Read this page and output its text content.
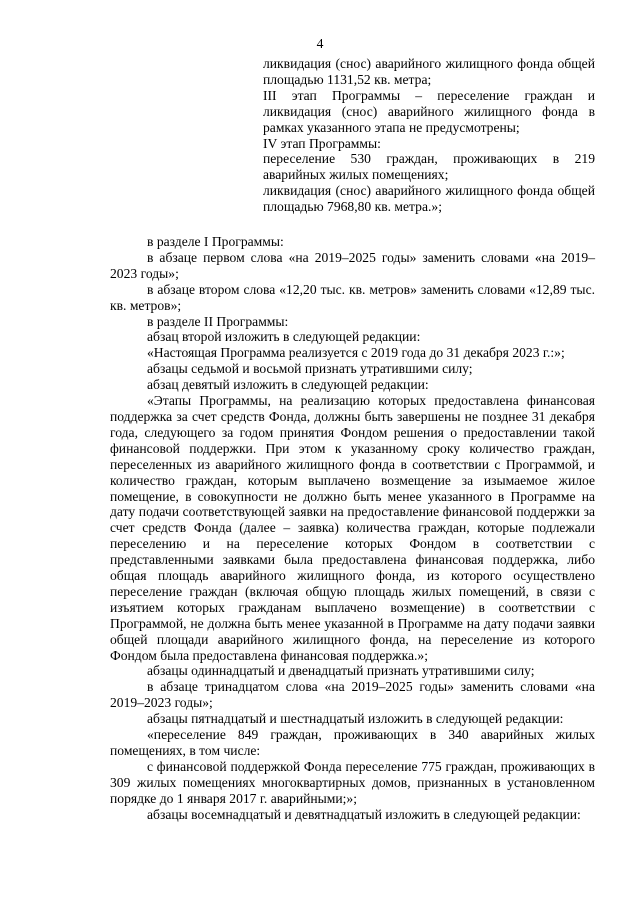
4

ликвидация (снос) аварийного жилищного фонда общей площадью 1131,52 кв. метра;

III этап Программы – переселение граждан и ликвидация (снос) аварийного жилищного фонда в рамках указанного этапа не предусмотрены;

IV этап Программы:

переселение 530 граждан, проживающих в 219 аварийных жилых помещениях;

ликвидация (снос) аварийного жилищного фонда общей площадью 7968,80 кв. метра.»;

в разделе I Программы:

в абзаце первом слова «на 2019–2025 годы» заменить словами «на 2019–2023 годы»;

в абзаце втором слова «12,20 тыс. кв. метров» заменить словами «12,89 тыс. кв. метров»;

в разделе II Программы:

абзац второй изложить в следующей редакции:

«Настоящая Программа реализуется с 2019 года до 31 декабря 2023 г.:»;

абзацы седьмой и восьмой признать утратившими силу;

абзац девятый изложить в следующей редакции:

«Этапы Программы, на реализацию которых предоставлена финансовая поддержка за счет средств Фонда, должны быть завершены не позднее 31 декабря года, следующего за годом принятия Фондом решения о предоставлении такой финансовой поддержки. При этом к указанному сроку количество граждан, переселенных из аварийного жилищного фонда в соответствии с Программой, и количество граждан, которым выплачено возмещение за изымаемое жилое помещение, в совокупности не должно быть менее указанного в Программе на дату подачи соответствующей заявки на предоставление финансовой поддержки за счет средств Фонда (далее – заявка) количества граждан, которые подлежали переселению и на переселение которых Фондом в соответствии с представленными заявками была предоставлена финансовая поддержка, либо общая площадь аварийного жилищного фонда, из которого осуществлено переселение граждан (включая общую площадь жилых помещений, в связи с изъятием которых гражданам выплачено возмещение) в соответствии с Программой, не должна быть менее указанной в Программе на дату подачи заявки общей площади аварийного жилищного фонда, на переселение из которого Фондом была предоставлена финансовая поддержка.»;

абзацы одиннадцатый и двенадцатый признать утратившими силу;

в абзаце тринадцатом слова «на 2019–2025 годы» заменить словами «на 2019–2023 годы»;

абзацы пятнадцатый и шестнадцатый изложить в следующей редакции:

«переселение 849 граждан, проживающих в 340 аварийных жилых помещениях, в том числе:

с финансовой поддержкой Фонда переселение 775 граждан, проживающих в 309 жилых помещениях многоквартирных домов, признанных в установленном порядке до 1 января 2017 г. аварийными;»;

абзацы восемнадцатый и девятнадцатый изложить в следующей редакции:
